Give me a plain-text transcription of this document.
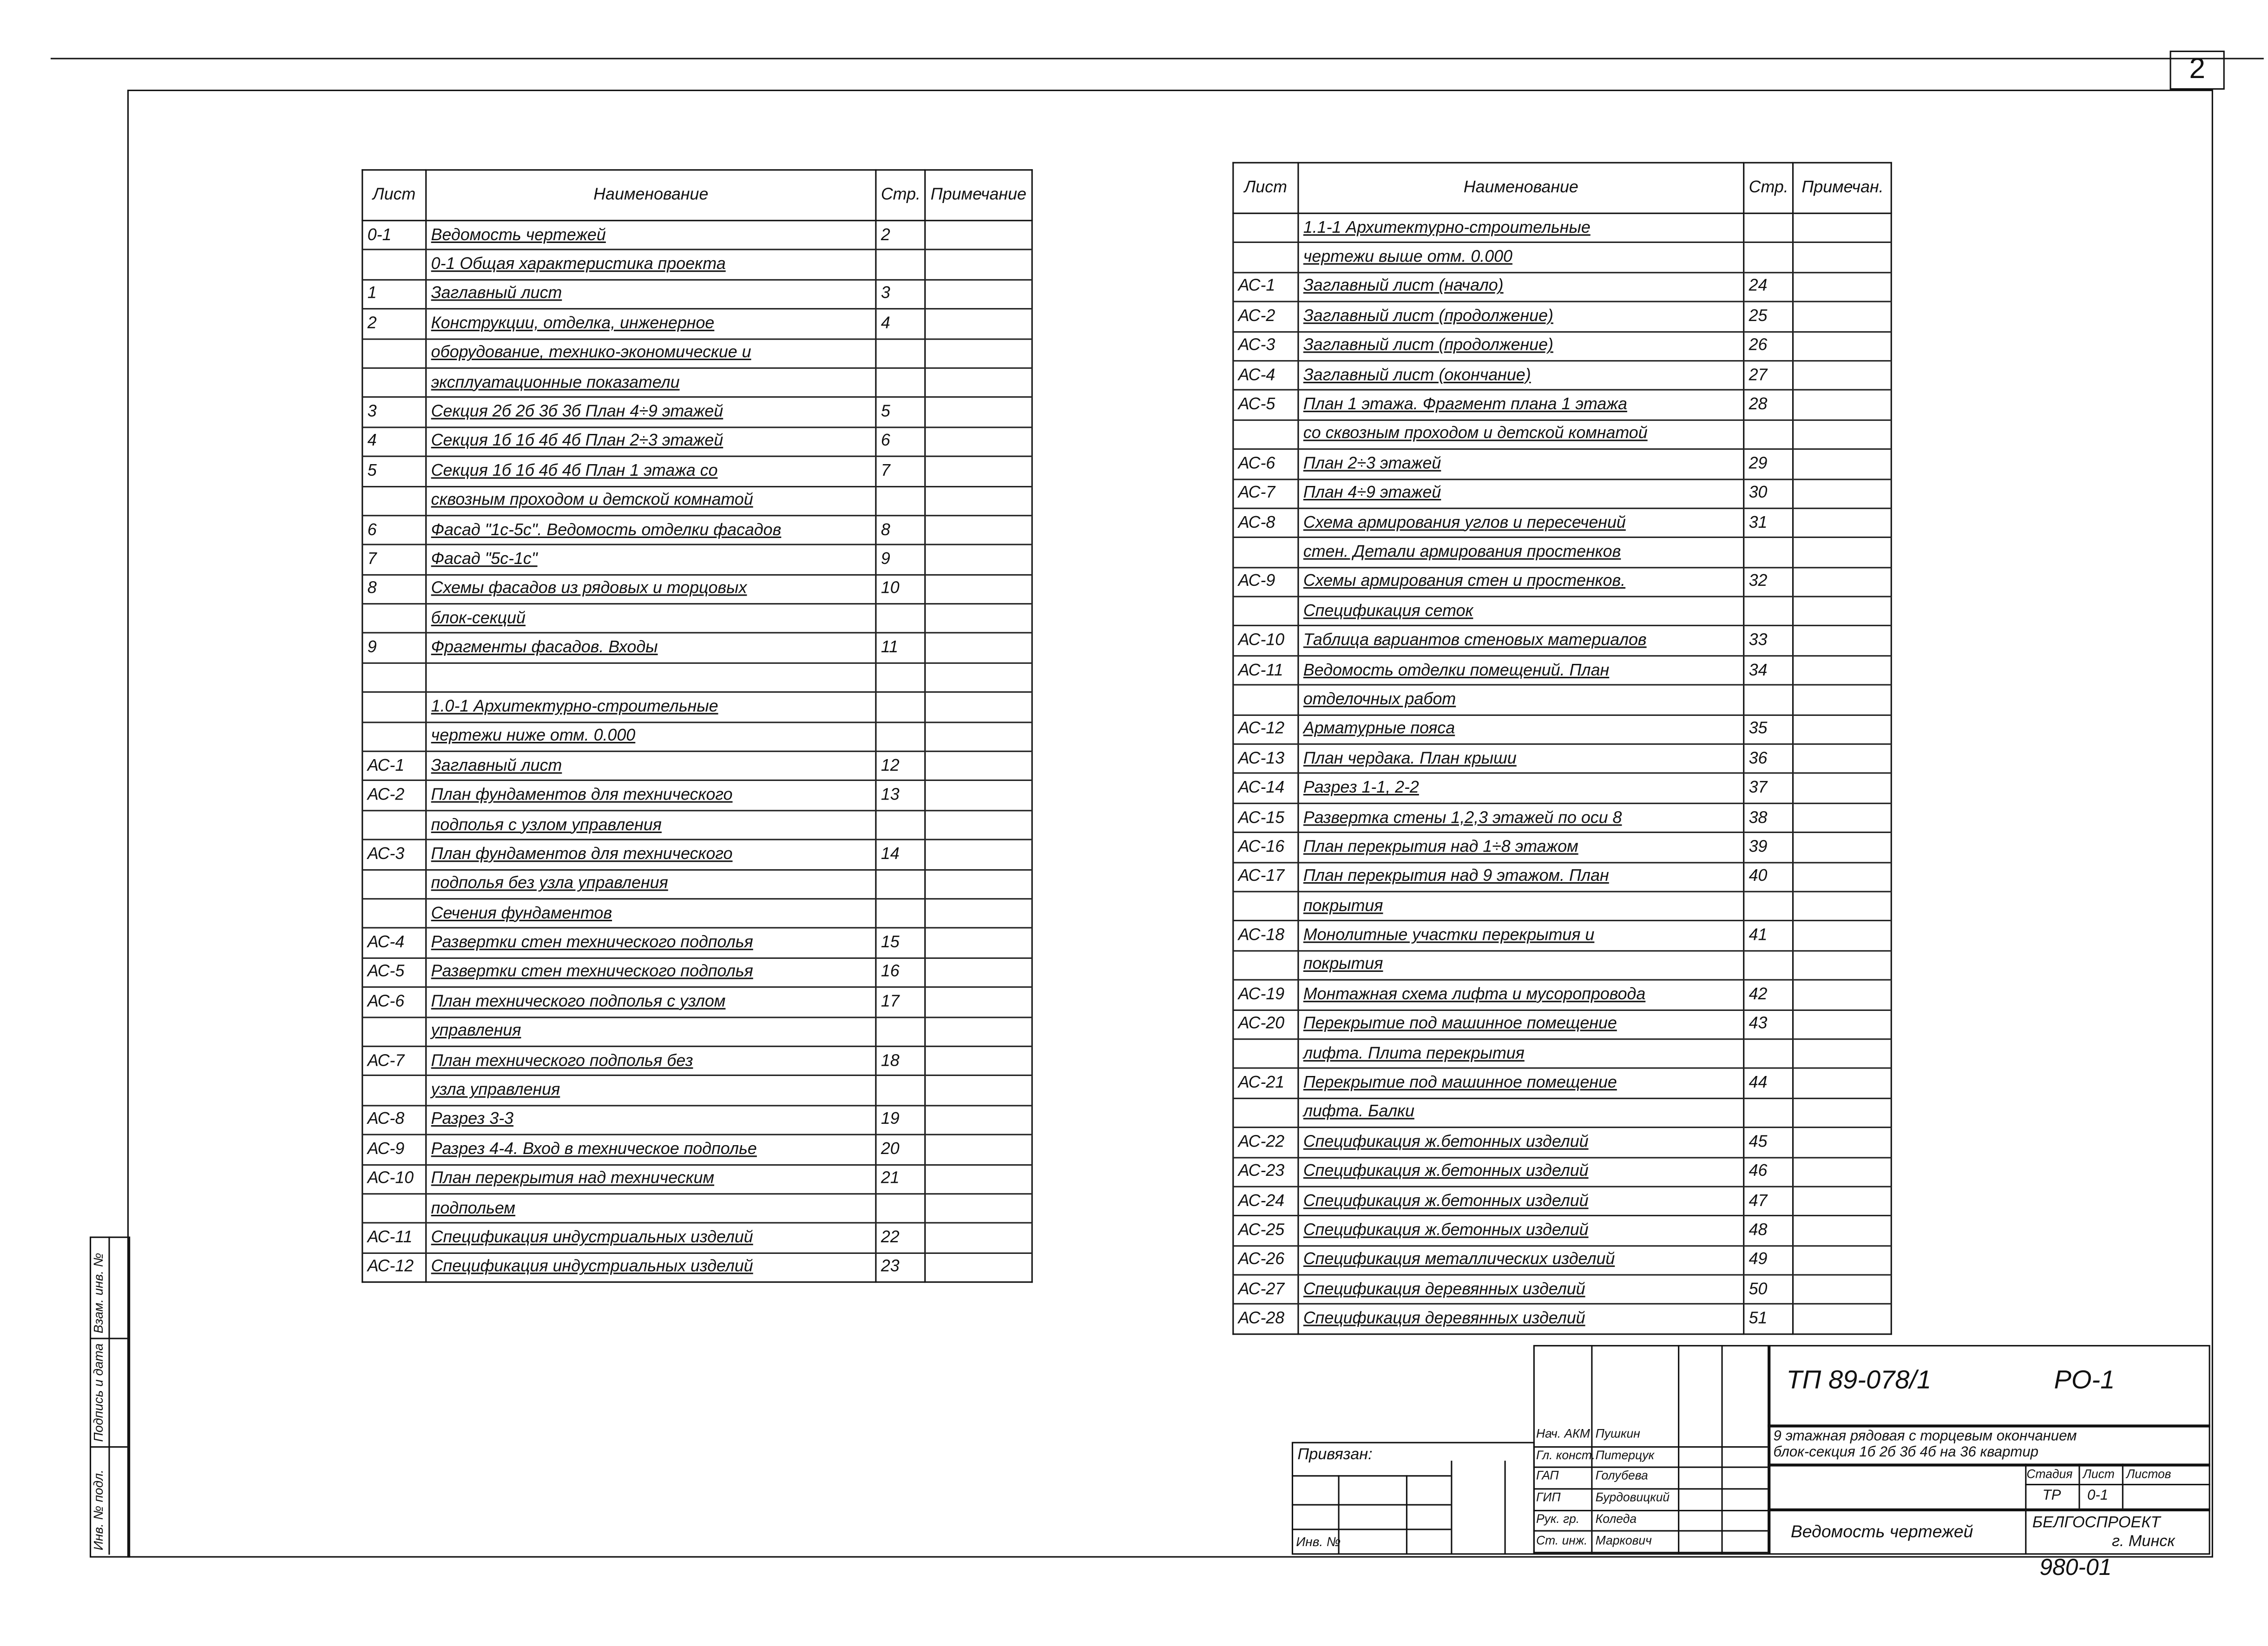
2
Лист	Наименование	Стр.	Примечание
0-1	Ведомость чертежей	2	
	0-1 Общая характеристика проекта		
1	Заглавный лист	3	
2	Конструкции, отделка, инженерное	4	
	оборудование, технико-экономические и		
	эксплуатационные показатели		
3	Секция 2б 2б 3б 3б План 4÷9 этажей	5	
4	Секция 1б 1б 4б 4б План 2÷3 этажей	6	
5	Секция 1б 1б 4б 4б План 1 этажа со	7	
	сквозным проходом и детской комнатой		
6	Фасад "1с-5с". Ведомость отделки фасадов	8	
7	Фасад "5с-1с"	9	
8	Схемы фасадов из рядовых и торцовых	10	
	блок-секций		
9	Фрагменты фасадов. Входы	11	

	1.0-1 Архитектурно-строительные		
	чертежи ниже отм. 0.000		
АС-1	Заглавный лист	12	
АС-2	План фундаментов для технического	13	
	подполья с узлом управления		
АС-3	План фундаментов для технического	14	
	подполья без узла управления		
	Сечения фундаментов		
АС-4	Развертки стен технического подполья	15	
АС-5	Развертки стен технического подполья	16	
АС-6	План технического подполья с узлом	17	
	управления		
АС-7	План технического подполья без	18	
	узла управления		
АС-8	Разрез 3-3	19	
АС-9	Разрез 4-4. Вход в техническое подполье	20	
АС-10	План перекрытия над техническим	21	
	подпольем		
АС-11	Спецификация индустриальных изделий	22	
АС-12	Спецификация индустриальных изделий	23	
Лист	Наименование	Стр.	Примечан.
	1.1-1 Архитектурно-строительные		
	чертежи выше отм. 0.000		
АС-1	Заглавный лист (начало)	24	
АС-2	Заглавный лист (продолжение)	25	
АС-3	Заглавный лист (продолжение)	26	
АС-4	Заглавный лист (окончание)	27	
АС-5	План 1 этажа. Фрагмент плана 1 этажа	28	
	со сквозным проходом и детской комнатой		
АС-6	План 2÷3 этажей	29	
АС-7	План 4÷9 этажей	30	
АС-8	Схема армирования углов и пересечений	31	
	стен. Детали армирования простенков		
АС-9	Схемы армирования стен и простенков.	32	
	Спецификация сеток		
АС-10	Таблица вариантов стеновых материалов	33	
АС-11	Ведомость отделки помещений. План	34	
	отделочных работ		
АС-12	Арматурные пояса	35	
АС-13	План чердака. План крыши	36	
АС-14	Разрез 1-1, 2-2	37	
АС-15	Развертка стены 1,2,3 этажей по оси 8	38	
АС-16	План перекрытия над 1÷8 этажом	39	
АС-17	План перекрытия над 9 этажом. План	40	
	покрытия		
АС-18	Монолитные участки перекрытия и	41	
	покрытия		
АС-19	Монтажная схема лифта и мусоропровода	42	
АС-20	Перекрытие под машинное помещение	43	
	лифта. Плита перекрытия		
АС-21	Перекрытие под машинное помещение	44	
	лифта. Балки		
АС-22	Спецификация ж.бетонных изделий	45	
АС-23	Спецификация ж.бетонных изделий	46	
АС-24	Спецификация ж.бетонных изделий	47	
АС-25	Спецификация ж.бетонных изделий	48	
АС-26	Спецификация металлических изделий	49	
АС-27	Спецификация деревянных изделий	50	
АС-28	Спецификация деревянных изделий	51	
Привязан:
Инв. №
Нач. АКМ Пушкин
Гл. конст. Питерцук
ГАП	Голубева
ГИП	Бурдовицкий
Рук. гр.	Коледа
Ст. инж. Маркович
ТП 89-078/1	РО-1
9 этажная рядовая с торцевым окончанием
блок-секция 1б 2б 3б 4б на 36 квартир
Стадия	Лист	Листов
ТР	0-1
Ведомость чертежей	БЕЛГОСПРОЕКТ
г. Минск
980-01
Взам. инв. №
Подпись и дата
Инв. № подл.
